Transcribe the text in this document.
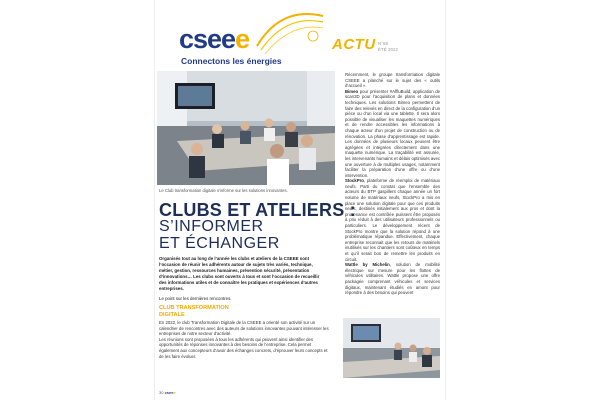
cseee
Connectons les énergies
ACTU N°68
ÉTÉ 2022
Le Club transformation digitale s’informe sur les solutions innovantes.
CLUBS ET ATELIERS :
S’INFORMER
ET ÉCHANGER
Organisés tout au long de l’année les clubs et ateliers de la CSEEE sont l’occasion de réunir les adhérents autour de sujets très variés, technique, métier, gestion, ressources humaines, prévention sécurité, présentation d’innovations… Les clubs sont ouverts à tous et sont l’occasion de recueillir des informations utiles et de connaître les pratiques et expériences d’autres entreprises.
Le point sur les dernières rencontres.
CLUB TRANSFORMATION
DIGITALE
En 2022, le club Transformation Digitale de la CSEEE a orienté son activité sur un calendrier de rencontres avec des auteurs de solutions innovantes pouvant intéresser les entreprises de notre secteur d’activité.
Les réunions sont proposées à tous les adhérents qui peuvent ainsi identifier des opportunités de réponses innovantes à des besoins de l’entreprise. Cela permet également aux concepteurs d’avoir des échanges concrets, d’éprouver leurs concepts et de les faire évoluer.
30 cseee
Récemment, le groupe transformation digitale CSEEE a planché sur le sujet des « outils d’accueil ».
Bimeo pour présenter #AffluBuild, application de scan3D pour l’acquisition de plans et données techniques. Les solutions Bimeo permettent de faire des relevés en direct de la configuration d’un pièce ou d’un local via une tablette. Il sera alors possible de visualiser les maquettes numériques et de rendre accessibles les informations à chaque acteur d’un projet de construction ou de rénovation. La phase d’apprentissage est rapide. Les données de plusieurs locaux peuvent être agrégées et intégrées directement dans une maquette numérique. La traçabilité est assurée, les intervenants humains et délais optimisés avec une ouverture à de multiples usages, notamment faciliter la préparation d’une offre ou d’une intervention.
StockPro, plateforme de réemploi de matériaux neufs. Parti du constat que l’ensemble des acteurs du BTP gaspillent chaque année un fort volume de matériaux neufs, StockPro a mis en place une solution digitale pour que ces produits neufs, destinés initialement aux pros et dont la provenance est contrôlée puissent être proposés à prix réduit à des utilisateurs professionnels ou particuliers. Le développement récent de StockPro montre que la solution répond à une problématique répandue. Effectivement, chaque entreprise reconnait que les retours de matériels inutilisés sur les chantiers sont coûteux en temps et qu’il serait bon de remettre les produits en circuit.
Wattle by Michelin, solution de mobilité électrique sur mesure pour les flottes de véhicules utilitaires. Wattle propose une offre packagée comprenant véhicules et services digitaux, maintenant étudiés en amont pour répondre à des besoins qui peuvent
